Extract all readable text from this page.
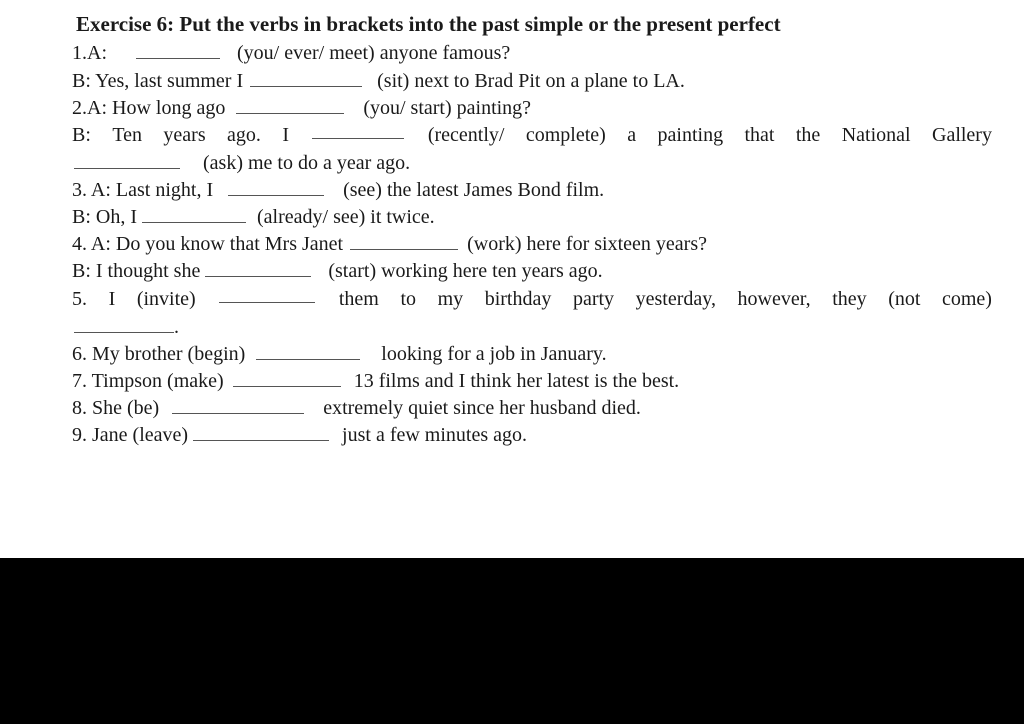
Exercise 6: Put the verbs in brackets into the past simple or the present perfect
1.A:	(you/ ever/ meet) anyone famous?
B: Yes, last summer I	(sit) next to Brad Pit on a plane to LA.
2.A: How long ago	(you/ start) painting?
B: Ten years ago. I	(recently/ complete) a painting that the National Gallery
(ask) me to do a year ago.
3. A: Last night, I	(see) the latest James Bond film.
B: Oh, I	(already/ see) it twice.
4. A: Do you know that Mrs Janet	(work) here for sixteen years?
B: I thought she	(start) working here ten years ago.
5. I (invite)	them to my birthday party yesterday, however, they (not come)
.
6. My brother (begin)	looking for a job in January.
7. Timpson (make)	13 films and I think her latest is the best.
8. She (be)	extremely quiet since her husband died.
9. Jane (leave)	just a few minutes ago.
